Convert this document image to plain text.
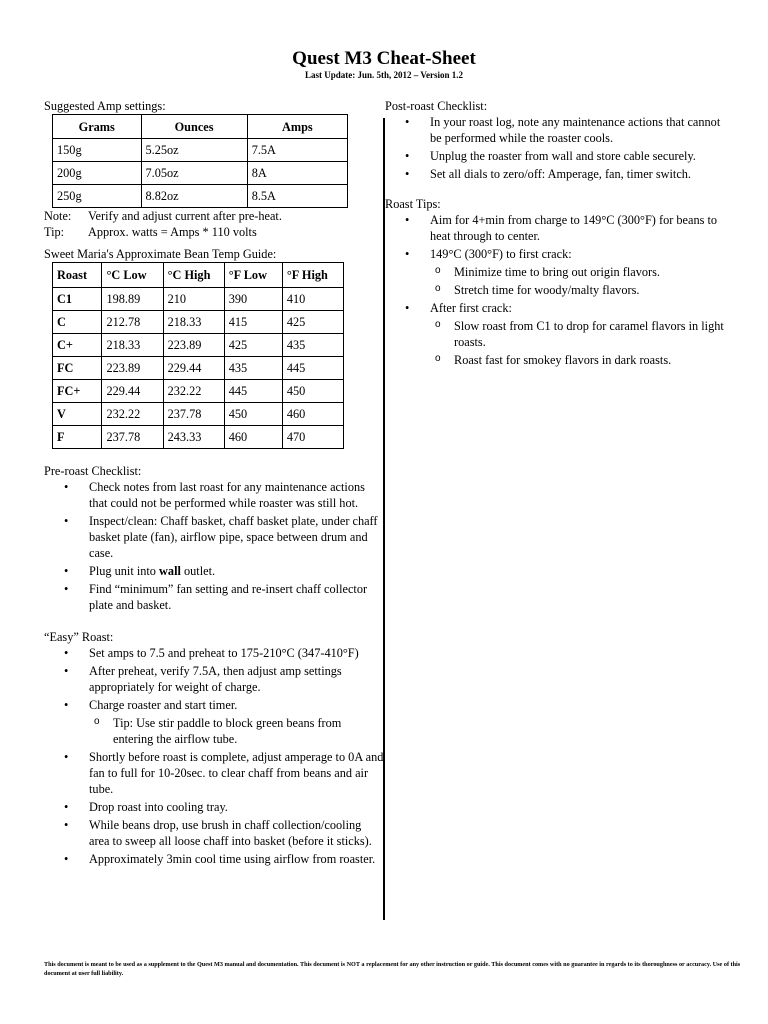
Quest M3 Cheat-Sheet
Last Update: Jun. 5th, 2012 – Version 1.2
Suggested Amp settings:
Grams	Ounces	Amps
150g	5.25oz	7.5A
200g	7.05oz	8A
250g	8.82oz	8.5A
Note:	Verify and adjust current after pre-heat.
Tip:	Approx. watts = Amps * 110 volts
Sweet Maria's Approximate Bean Temp Guide:
Roast	°C Low	°C High	°F Low	°F High
C1	198.89	210	390	410
C	212.78	218.33	415	425
C+	218.33	223.89	425	435
FC	223.89	229.44	435	445
FC+	229.44	232.22	445	450
V	232.22	237.78	450	460
F	237.78	243.33	460	470
Pre-roast Checklist:
• Check notes from last roast for any maintenance actions that could not be performed while roaster was still hot.
• Inspect/clean: Chaff basket, chaff basket plate, under chaff basket plate (fan), airflow pipe, space between drum and case.
• Plug unit into wall outlet.
• Find “minimum” fan setting and re-insert chaff collector plate and basket.
“Easy” Roast:
• Set amps to 7.5 and preheat to 175-210°C (347-410°F)
• After preheat, verify 7.5A, then adjust amp settings appropriately for weight of charge.
• Charge roaster and start timer.
o Tip: Use stir paddle to block green beans from entering the airflow tube.
• Shortly before roast is complete, adjust amperage to 0A and fan to full for 10-20sec. to clear chaff from beans and air tube.
• Drop roast into cooling tray.
• While beans drop, use brush in chaff collection/cooling area to sweep all loose chaff into basket (before it sticks).
• Approximately 3min cool time using airflow from roaster.
Post-roast Checklist:
• In your roast log, note any maintenance actions that cannot be performed while the roaster cools.
• Unplug the roaster from wall and store cable securely.
• Set all dials to zero/off: Amperage, fan, timer switch.
Roast Tips:
• Aim for 4+min from charge to 149°C (300°F) for beans to heat through to center.
• 149°C (300°F) to first crack:
o Minimize time to bring out origin flavors.
o Stretch time for woody/malty flavors.
• After first crack:
o Slow roast from C1 to drop for caramel flavors in light roasts.
o Roast fast for smokey flavors in dark roasts.
This document is meant to be used as a supplement to the Quest M3 manual and documentation. This document is NOT a replacement for any other instruction or guide. This document comes with no guarantee in regards to its thoroughness or accuracy. Use of this document at user full liability.
